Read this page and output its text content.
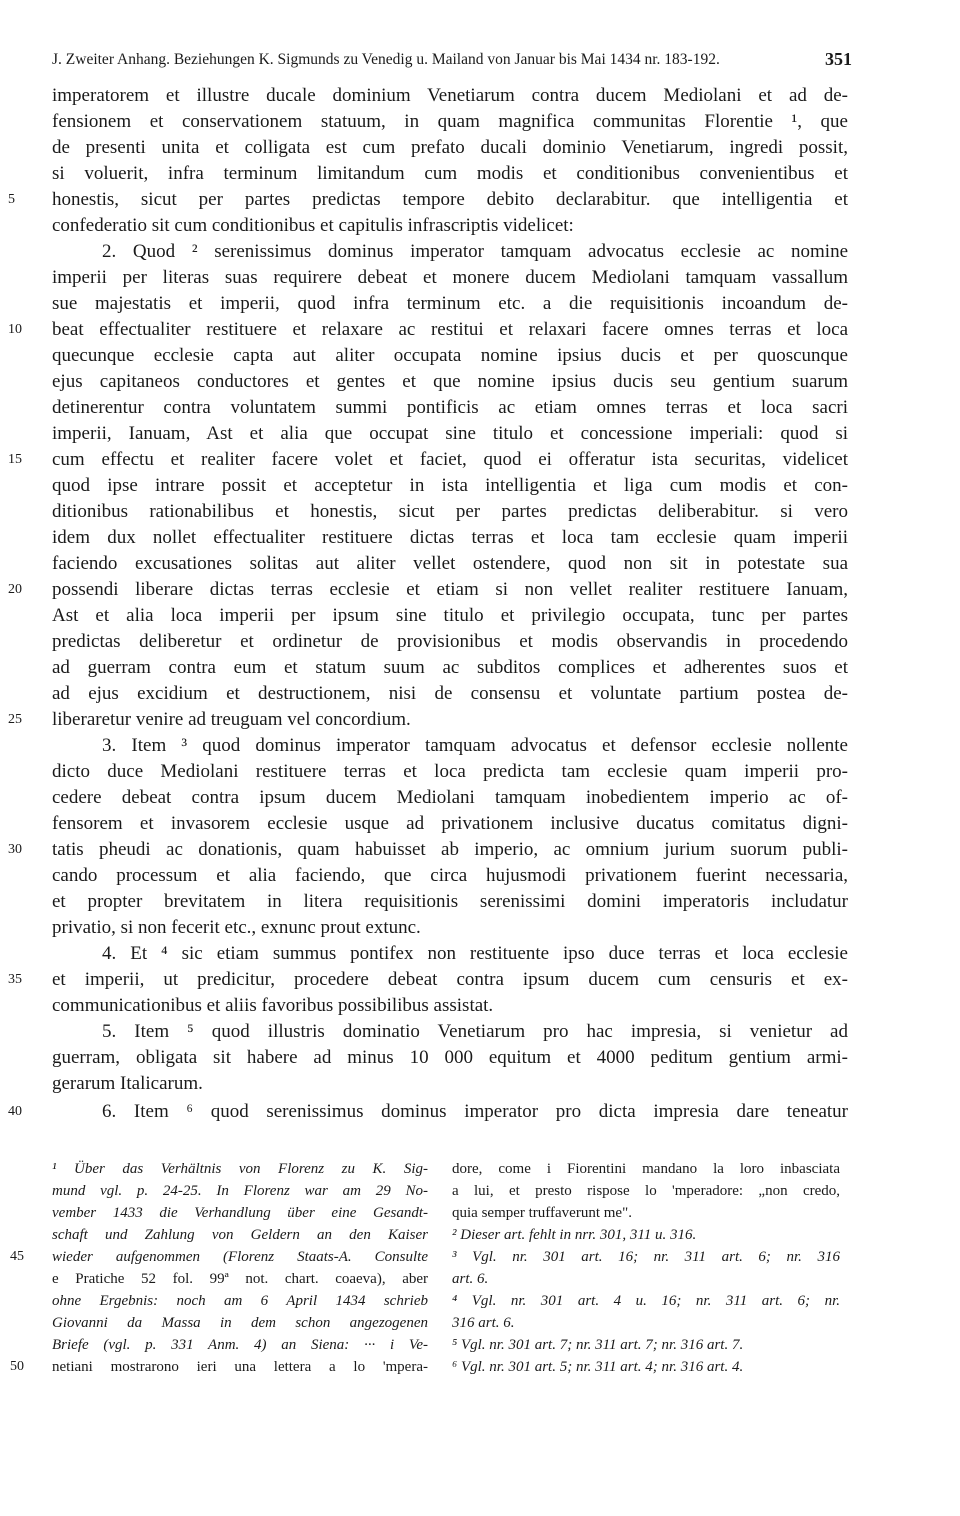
J. Zweiter Anhang. Beziehungen K. Sigmunds zu Venedig u. Mailand von Januar bis Mai 1434 nr. 183-192.	351
imperatorem et illustre ducale dominium Venetiarum contra ducem Mediolani et ad de-
fensionem et conservationem statuum, in quam magnifica communitas Florentie ¹, que
de presenti unita et colligata est cum prefato ducali dominio Venetiarum, ingredi possit,
si voluerit, infra terminum limitandum cum modis et conditionibus convenientibus et
5	honestis, sicut per partes predictas tempore debito declarabitur. que intelligentia et
confederatio sit cum conditionibus et capitulis infrascriptis videlicet:
2. Quod ² serenissimus dominus imperator tamquam advocatus ecclesie ac nomine
imperii per literas suas requirere debeat et monere ducem Mediolani tamquam vassallum
sue majestatis et imperii, quod infra terminum etc. a die requisitionis incoandum de-
10	beat effectualiter restituere et relaxare ac restitui et relaxari facere omnes terras et loca
quecunque ecclesie capta aut aliter occupata nomine ipsius ducis et per quoscunque
ejus capitaneos conductores et gentes et que nomine ipsius ducis seu gentium suarum
detinerentur contra voluntatem summi pontificis ac etiam omnes terras et loca sacri
imperii, Ianuam, Ast et alia que occupat sine titulo et concessione imperiali: quod si
15	cum effectu et realiter facere volet et faciet, quod ei offeratur ista securitas, videlicet
quod ipse intrare possit et acceptetur in ista intelligentia et liga cum modis et con-
ditionibus rationabilibus et honestis, sicut per partes predictas deliberabitur. si vero
idem dux nollet effectualiter restituere dictas terras et loca tam ecclesie quam imperii
faciendo excusationes solitas aut aliter vellet ostendere, quod non sit in potestate sua
20	possendi liberare dictas terras ecclesie et etiam si non vellet realiter restituere Ianuam,
Ast et alia loca imperii per ipsum sine titulo et privilegio occupata, tunc per partes
predictas deliberetur et ordinetur de provisionibus et modis observandis in procedendo
ad guerram contra eum et statum suum ac subditos complices et adherentes suos et
ad ejus excidium et destructionem, nisi de consensu et voluntate partium postea de-
25	liberaretur venire ad treuguam vel concordium.
3. Item ³ quod dominus imperator tamquam advocatus et defensor ecclesie nollente
dicto duce Mediolani restituere terras et loca predicta tam ecclesie quam imperii pro-
cedere debeat contra ipsum ducem Mediolani tamquam inobedientem imperio ac of-
fensorem et invasorem ecclesie usque ad privationem inclusive ducatus comitatus digni-
30	tatis pheudi ac donationis, quam habuisset ab imperio, ac omnium jurium suorum publi-
cando processum et alia faciendo, que circa hujusmodi privationem fuerint necessaria,
et propter brevitatem in litera requisitionis serenissimi domini imperatoris includatur
privatio, si non fecerit etc., exnunc prout extunc.
4. Et ⁴ sic etiam summus pontifex non restituente ipso duce terras et loca ecclesie
35	et imperii, ut predicitur, procedere debeat contra ipsum ducem cum censuris et ex-
communicationibus et aliis favoribus possibilibus assistat.
5. Item ⁵ quod illustris dominatio Venetiarum pro hac impresia, si venietur ad
guerram, obligata sit habere ad minus 10 000 equitum et 4000 peditum gentium armi-
gerarum Italicarum.
40	6. Item ⁶ quod serenissimus dominus imperator pro dicta impresia dare teneatur
¹ Über das Verhältnis von Florenz zu K. Sig-
mund vgl. p. 24-25. In Florenz war am 29 No-
vember 1433 die Verhandlung über eine Gesandt-
schaft und Zahlung von Geldern an den Kaiser
45 wieder aufgenommen (Florenz Staats-A. Consulte
e Pratiche 52 fol. 99ª not. chart. coaeva), aber
ohne Ergebnis: noch am 6 April 1434 schrieb
Giovanni da Massa in dem schon angezogenen
Briefe (vgl. p. 331 Anm. 4) an Siena: ··· i Ve-
50 netiani mostrarono ieri una lettera a lo 'mpera-
dore, come i Fiorentini mandano la loro inbasciata
a lui, et presto rispose lo 'mperadore: „non credo,
quia semper truffaverunt me".
² Dieser art. fehlt in nrr. 301, 311 u. 316.
³ Vgl. nr. 301 art. 16; nr. 311 art. 6; nr. 316
art. 6.
⁴ Vgl. nr. 301 art. 4 u. 16; nr. 311 art. 6; nr.
316 art. 6.
⁵ Vgl. nr. 301 art. 7; nr. 311 art. 7; nr. 316 art. 7.
⁶ Vgl. nr. 301 art. 5; nr. 311 art. 4; nr. 316 art. 4.
